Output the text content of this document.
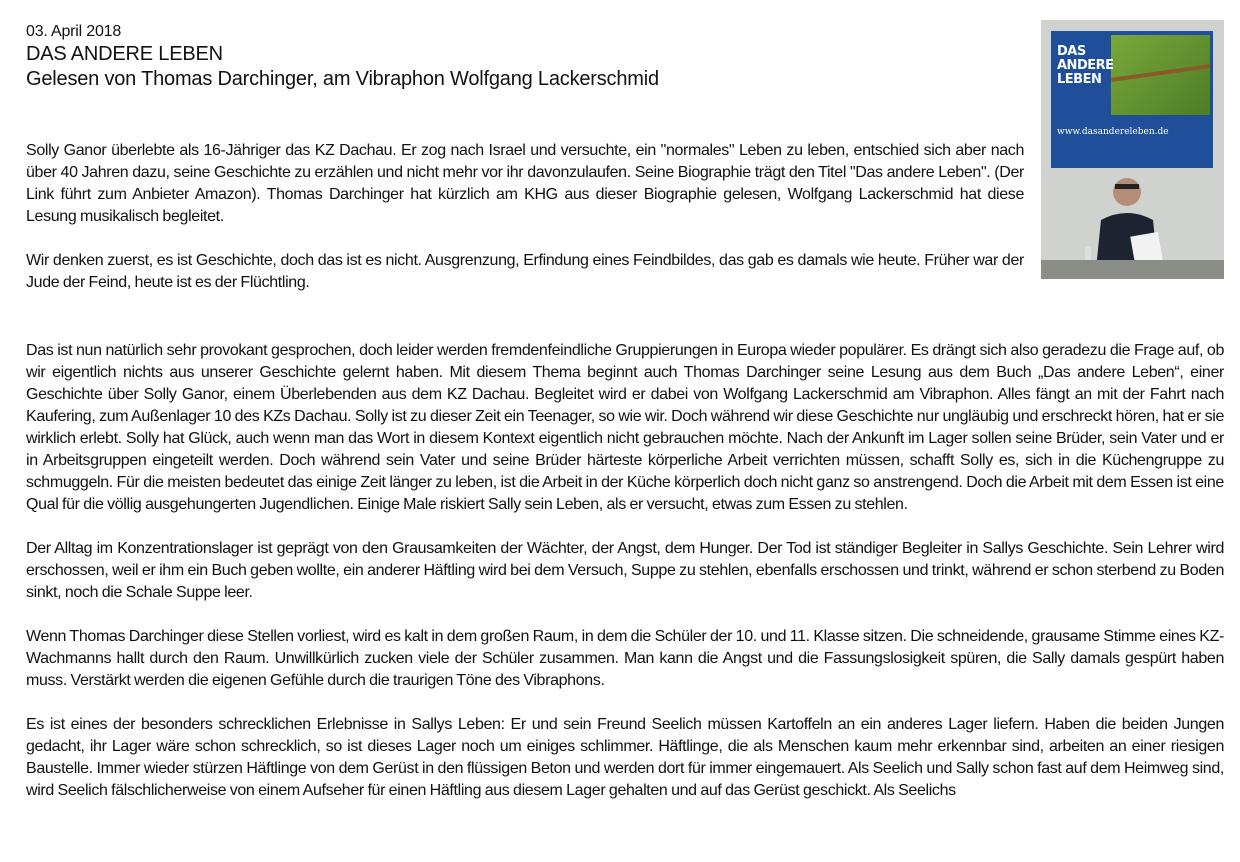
03. April 2018
DAS ANDERE LEBEN
Gelesen von Thomas Darchinger, am Vibraphon Wolfgang Lackerschmid

Solly Ganor überlebte als 16-Jähriger das KZ Dachau. Er zog nach Israel und versuchte, ein "normales" Leben zu leben, entschied sich aber nach über 40 Jahren dazu, seine Geschichte zu erzählen und nicht mehr vor ihr davonzulaufen. Seine Biographie trägt den Titel "Das andere Leben". (Der Link führt zum Anbieter Amazon). Thomas Darchinger hat kürzlich am KHG aus dieser Biographie gelesen, Wolfgang Lackerschmid hat diese Lesung musikalisch begleitet.

Wir denken zuerst, es ist Geschichte, doch das ist es nicht. Ausgrenzung, Erfindung eines Feindbildes, das gab es damals wie heute. Früher war der Jude der Feind, heute ist es der Flüchtling.

Das ist nun natürlich sehr provokant gesprochen, doch leider werden fremdenfeindliche Gruppierungen in Europa wieder populärer. Es drängt sich also geradezu die Frage auf, ob wir eigentlich nichts aus unserer Geschichte gelernt haben. Mit diesem Thema beginnt auch Thomas Darchinger seine Lesung aus dem Buch „Das andere Leben“, einer Geschichte über Solly Ganor, einem Überlebenden aus dem KZ Dachau. Begleitet wird er dabei von Wolfgang Lackerschmid am Vibraphon. Alles fängt an mit der Fahrt nach Kaufering, zum Außenlager 10 des KZs Dachau. Solly ist zu dieser Zeit ein Teenager, so wie wir. Doch während wir diese Geschichte nur ungläubig und erschreckt hören, hat er sie wirklich erlebt. Solly hat Glück, auch wenn man das Wort in diesem Kontext eigentlich nicht gebrauchen möchte. Nach der Ankunft im Lager sollen seine Brüder, sein Vater und er in Arbeitsgruppen eingeteilt werden. Doch während sein Vater und seine Brüder härteste körperliche Arbeit verrichten müssen, schafft Solly es, sich in die Küchengruppe zu schmuggeln. Für die meisten bedeutet das einige Zeit länger zu leben, ist die Arbeit in der Küche körperlich doch nicht ganz so anstrengend. Doch die Arbeit mit dem Essen ist eine Qual für die völlig ausgehungerten Jugendlichen. Einige Male riskiert Sally sein Leben, als er versucht, etwas zum Essen zu stehlen.

Der Alltag im Konzentrationslager ist geprägt von den Grausamkeiten der Wächter, der Angst, dem Hunger. Der Tod ist ständiger Begleiter in Sallys Geschichte. Sein Lehrer wird erschossen, weil er ihm ein Buch geben wollte, ein anderer Häftling wird bei dem Versuch, Suppe zu stehlen, ebenfalls erschossen und trinkt, während er schon sterbend zu Boden sinkt, noch die Schale Suppe leer.

Wenn Thomas Darchinger diese Stellen vorliest, wird es kalt in dem großen Raum, in dem die Schüler der 10. und 11. Klasse sitzen. Die schneidende, grausame Stimme eines KZ-Wachmanns hallt durch den Raum. Unwillkürlich zucken viele der Schüler zusammen. Man kann die Angst und die Fassungslosigkeit spüren, die Sally damals gespürt haben muss. Verstärkt werden die eigenen Gefühle durch die traurigen Töne des Vibraphons.

Es ist eines der besonders schrecklichen Erlebnisse in Sallys Leben: Er und sein Freund Seelich müssen Kartoffeln an ein anderes Lager liefern. Haben die beiden Jungen gedacht, ihr Lager wäre schon schrecklich, so ist dieses Lager noch um einiges schlimmer. Häftlinge, die als Menschen kaum mehr erkennbar sind, arbeiten an einer riesigen Baustelle. Immer wieder stürzen Häftlinge von dem Gerüst in den flüssigen Beton und werden dort für immer eingemauert. Als Seelich und Sally schon fast auf dem Heimweg sind, wird Seelich fälschlicherweise von einem Aufseher für einen Häftling aus diesem Lager gehalten und auf das Gerüst geschickt. Als Seelichs

DAS ANDERE LEBEN
www.dasandereleben.de
